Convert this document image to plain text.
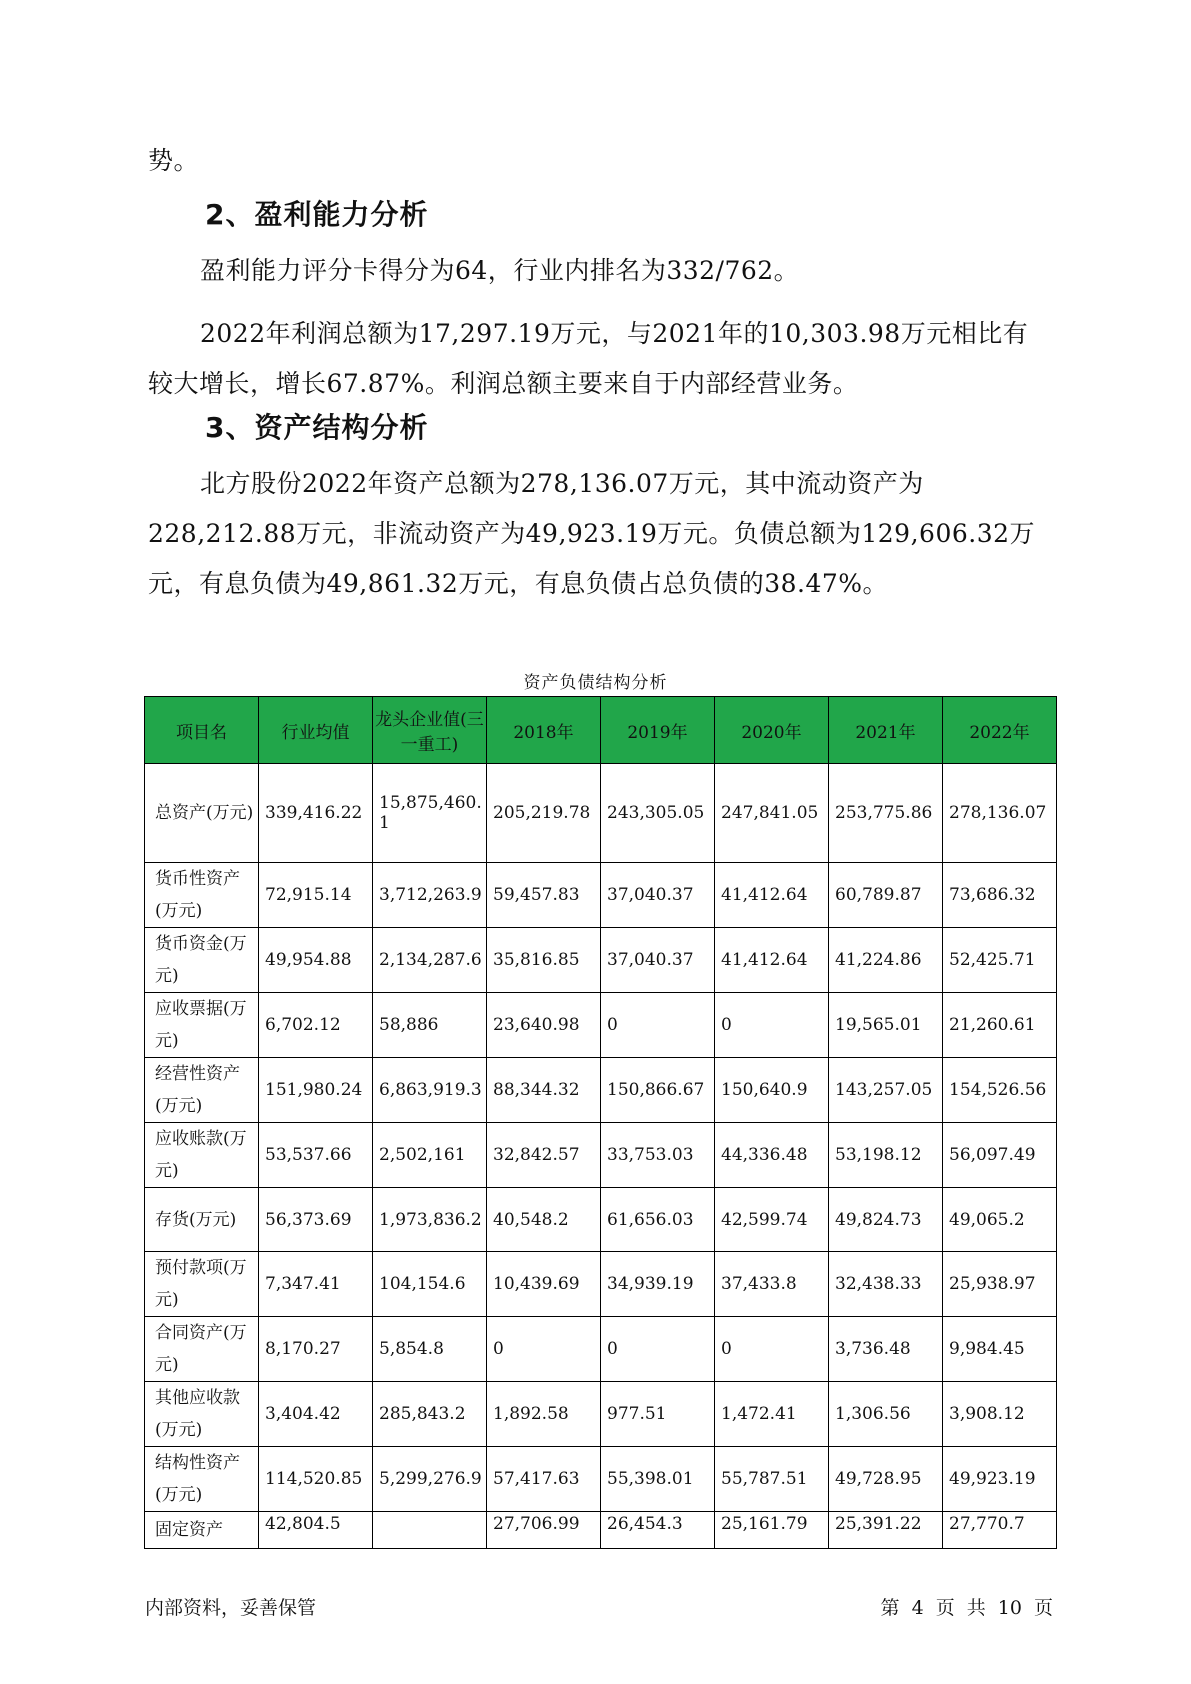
势。

2、盈利能力分析

盈利能力评分卡得分为64，行业内排名为332/762。

2022年利润总额为17,297.19万元，与2021年的10,303.98万元相比有较大增长，增长67.87%。利润总额主要来自于内部经营业务。

3、资产结构分析

北方股份2022年资产总额为278,136.07万元，其中流动资产为228,212.88万元，非流动资产为49,923.19万元。负债总额为129,606.32万元，有息负债为49,861.32万元，有息负债占总负债的38.47%。

资产负债结构分析
项目名	行业均值	龙头企业值(三一重工)	2018年	2019年	2020年	2021年	2022年
总资产(万元)	339,416.22	15,875,460.1	205,219.78	243,305.05	247,841.05	253,775.86	278,136.07
货币性资产(万元)	72,915.14	3,712,263.9	59,457.83	37,040.37	41,412.64	60,789.87	73,686.32
货币资金(万元)	49,954.88	2,134,287.6	35,816.85	37,040.37	41,412.64	41,224.86	52,425.71
应收票据(万元)	6,702.12	58,886	23,640.98	0	0	19,565.01	21,260.61
经营性资产(万元)	151,980.24	6,863,919.3	88,344.32	150,866.67	150,640.9	143,257.05	154,526.56
应收账款(万元)	53,537.66	2,502,161	32,842.57	33,753.03	44,336.48	53,198.12	56,097.49
存货(万元)	56,373.69	1,973,836.2	40,548.2	61,656.03	42,599.74	49,824.73	49,065.2
预付款项(万元)	7,347.41	104,154.6	10,439.69	34,939.19	37,433.8	32,438.33	25,938.97
合同资产(万元)	8,170.27	5,854.8	0	0	0	3,736.48	9,984.45
其他应收款(万元)	3,404.42	285,843.2	1,892.58	977.51	1,472.41	1,306.56	3,908.12
结构性资产(万元)	114,520.85	5,299,276.9	57,417.63	55,398.01	55,787.51	49,728.95	49,923.19
固定资产	42,804.5		27,706.99	26,454.3	25,161.79	25,391.22	27,770.7
内部资料，妥善保管	第 4 页 共 10 页
